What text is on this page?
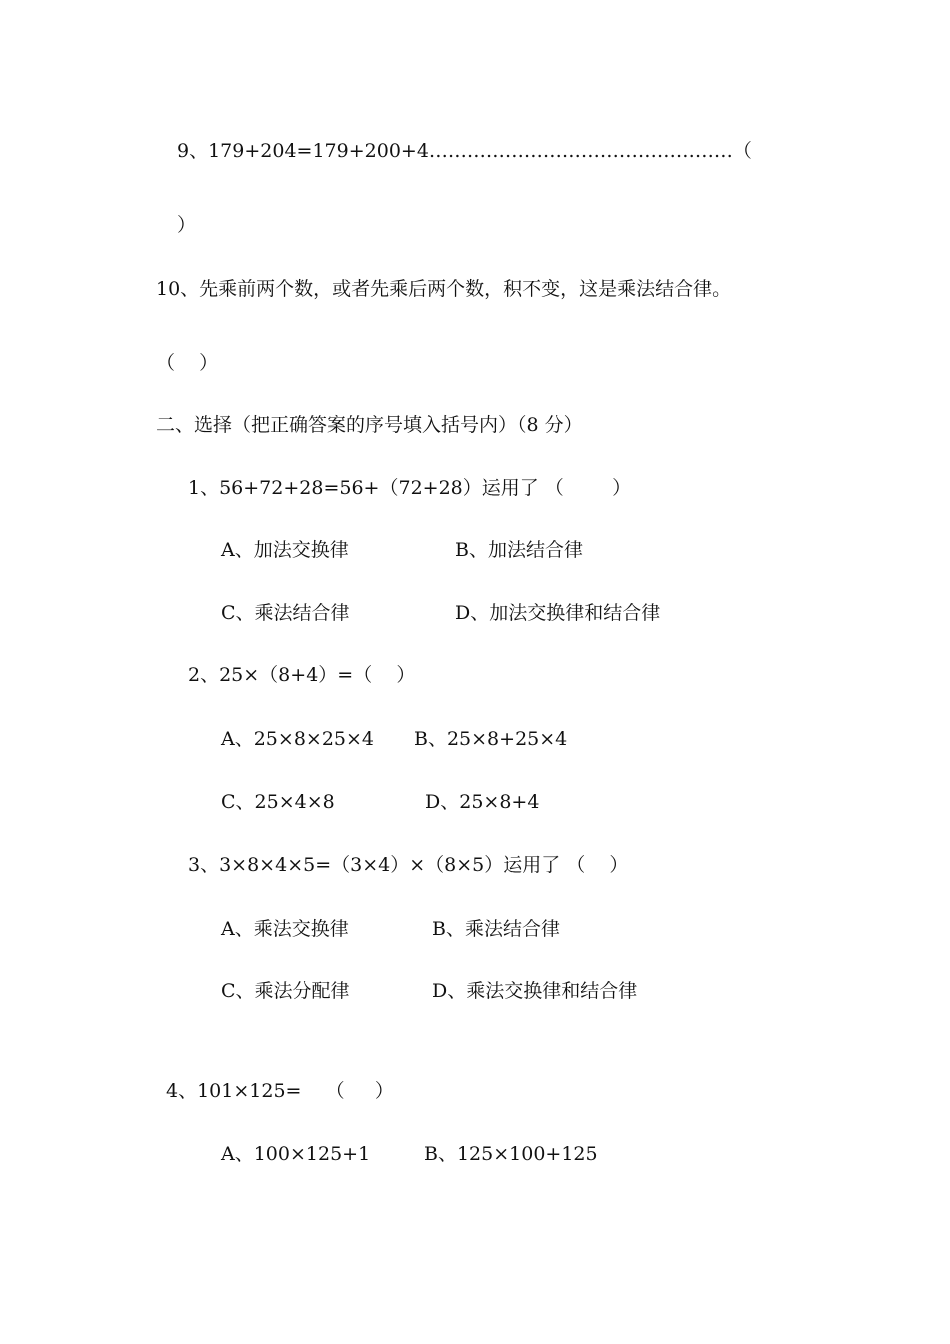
9、179+204=179+200+4…………………………………………（
）
10、先乘前两个数，或者先乘后两个数，积不变，这是乘法结合律。
（    ）
二、选择（把正确答案的序号填入括号内）（8 分）
1、56+72+28=56+（72+28）运用了 （        ）
A、加法交换律	B、加法结合律
C、乘法结合律	D、加法交换律和结合律
2、25×（8+4）=（    ）
A、25×8×25×4 B、25×8+25×4
C、25×4×8	D、25×8+4
3、3×8×4×5=（3×4）×（8×5）运用了 （    ）
A、乘法交换律	B、乘法结合律
C、乘法分配律	D、乘法交换律和结合律
4、101×125=    （     ）
A、100×125+1	B、125×100+125
